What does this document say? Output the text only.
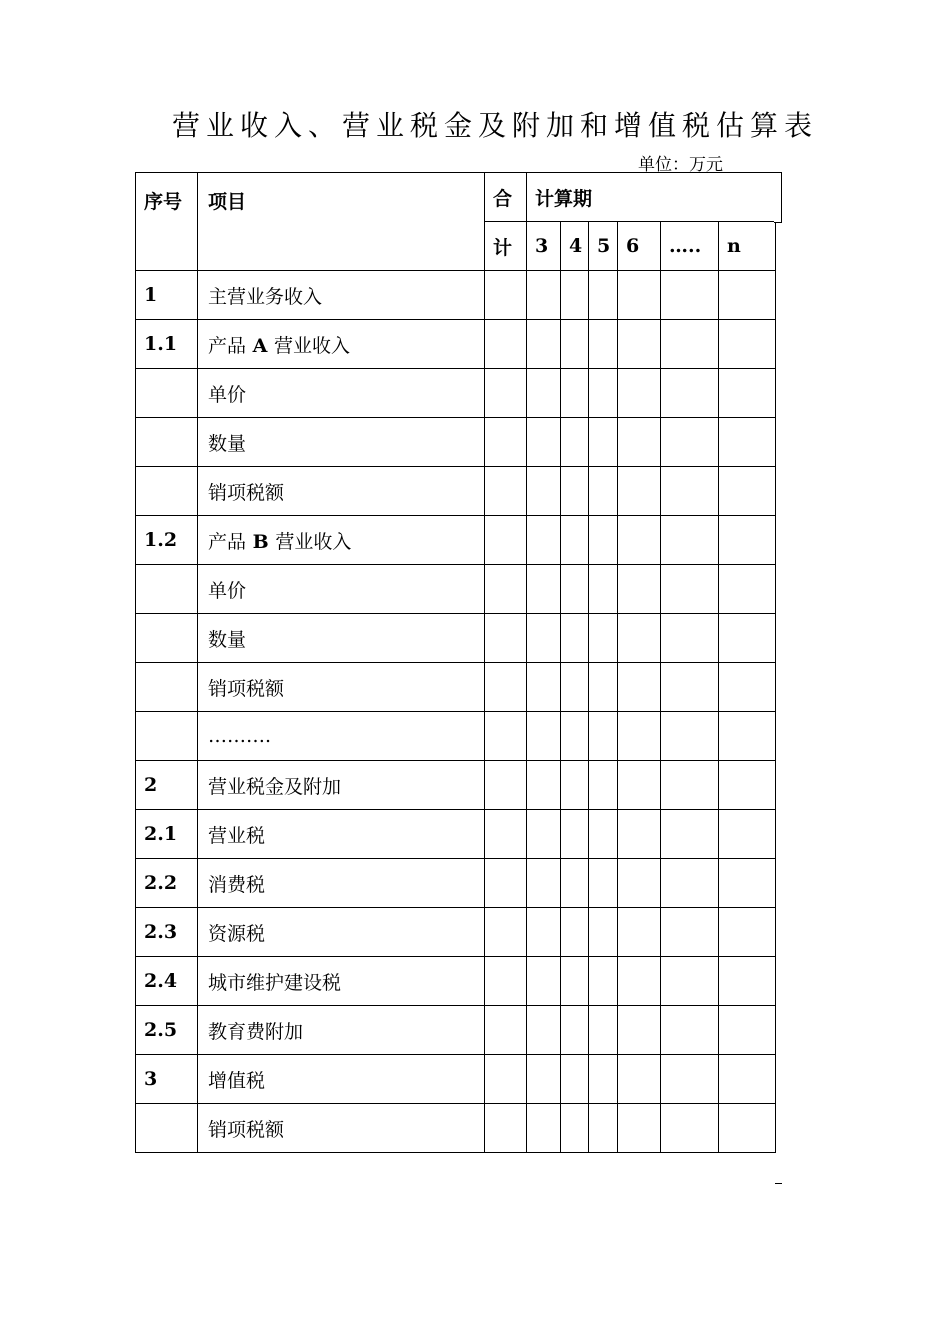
营业收入、营业税金及附加和增值税估算表
单位：万元
序号	项目	合	计算期					
		计	3	4	5	6	…..	n
1	主营业务收入							
1.1	产品 A 营业收入							
	单价							
	数量							
	销项税额							
1.2	产品 B 营业收入							
	单价							
	数量							
	销项税额							
	……….							
2	营业税金及附加							
2.1	营业税							
2.2	消费税							
2.3	资源税							
2.4	城市维护建设税							
2.5	教育费附加							
3	增值税							
	销项税额							
